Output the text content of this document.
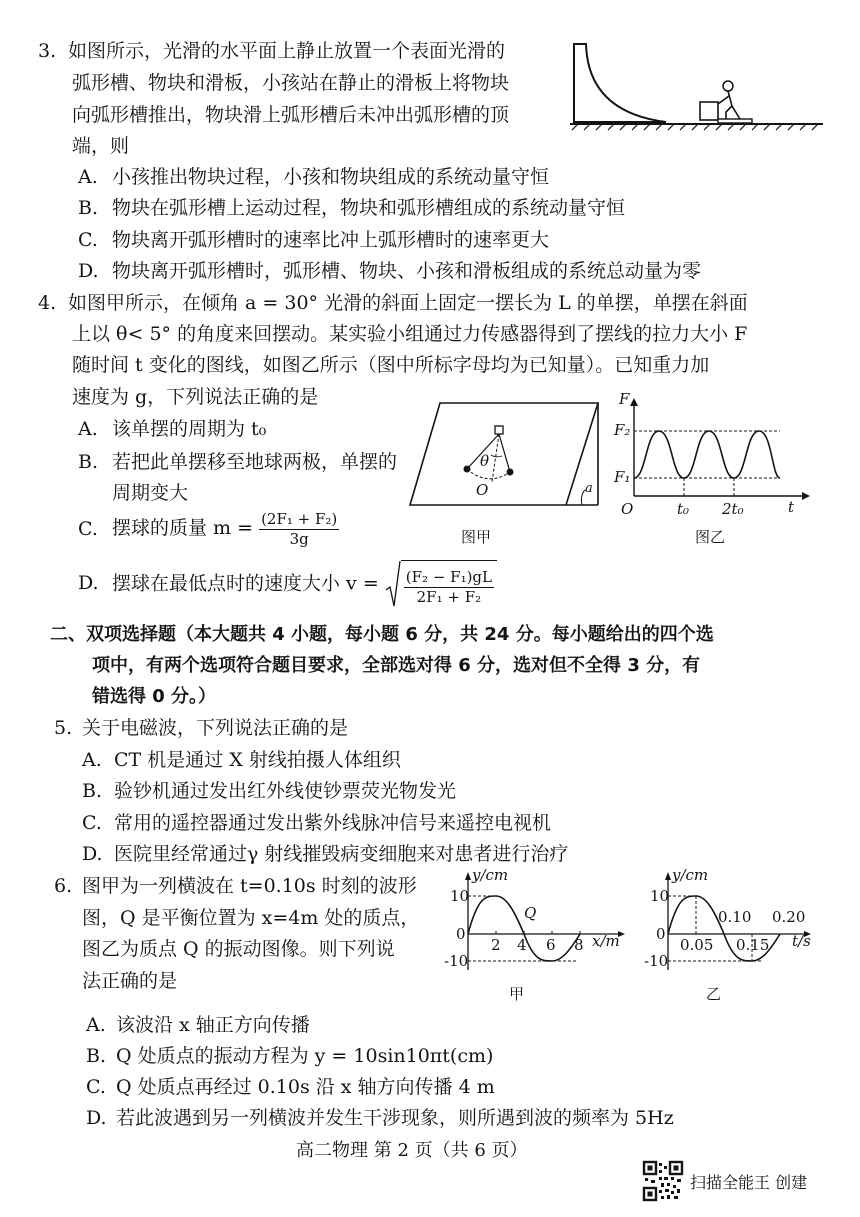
3. 如图所示，光滑的水平面上静止放置一个表面光滑的
弧形槽、物块和滑板，小孩站在静止的滑板上将物块
向弧形槽推出，物块滑上弧形槽后未冲出弧形槽的顶
端，则
A. 小孩推出物块过程，小孩和物块组成的系统动量守恒
B. 物块在弧形槽上运动过程，物块和弧形槽组成的系统动量守恒
C. 物块离开弧形槽时的速率比冲上弧形槽时的速率更大
D. 物块离开弧形槽时，弧形槽、物块、小孩和滑板组成的系统总动量为零
4. 如图甲所示，在倾角 a = 30° 光滑的斜面上固定一摆长为 L 的单摆，单摆在斜面
上以 θ< 5° 的角度来回摆动。某实验小组通过力传感器得到了摆线的拉力大小 F
随时间 t 变化的图线，如图乙所示（图中所标字母均为已知量）。已知重力加
速度为 g，下列说法正确的是
A. 该单摆的周期为 t₀
B. 若把此单摆移至地球两极，单摆的
周期变大
C. 摆球的质量 $m = \frac{\text{(2F₁ + F₂)}}{3g}$
D. 摆球在最低点时的速度大小 $v = \frac{\text{(F₂ − F₁)gL}}{\text{2F₁ + F₂}}$
θ
O	a
图甲
F
t
F₂
F₁
O	t₀ 2t₀
图乙
二、双项选择题（本大题共 4 小题，每小题 6 分，共 24 分。每小题给出的四个选
项中，有两个选项符合题目要求，全部选对得 6 分，选对但不全得 3 分，有
错选得 0 分。）
5. 关于电磁波，下列说法正确的是
A. CT 机是通过 X 射线拍摄人体组织
B. 验钞机通过发出红外线使钞票荧光物发光
C. 常用的遥控器通过发出紫外线脉冲信号来遥控电视机
D. 医院里经常通过γ 射线摧毁病变细胞来对患者进行治疗
6. 图甲为一列横波在 t=0.10s 时刻的波形
图，Q 是平衡位置为 x=4m 处的质点，
图乙为质点 Q 的振动图像。则下列说
法正确的是
y/cm
10
-10
0
2 4 6 8
Q
x/m
甲
y/cm
10
-10
0
0.05 0.15
0.10 0.20
t/s
乙
A. 该波沿 x 轴正方向传播
B. Q 处质点的振动方程为 y = 10sin10πt(cm)
C. Q 处质点再经过 0.10s 沿 x 轴方向传播 4 m
D. 若此波遇到另一列横波并发生干涉现象，则所遇到波的频率为 5Hz
高二物理 第 2 页（共 6 页）
扫描全能王 创建
